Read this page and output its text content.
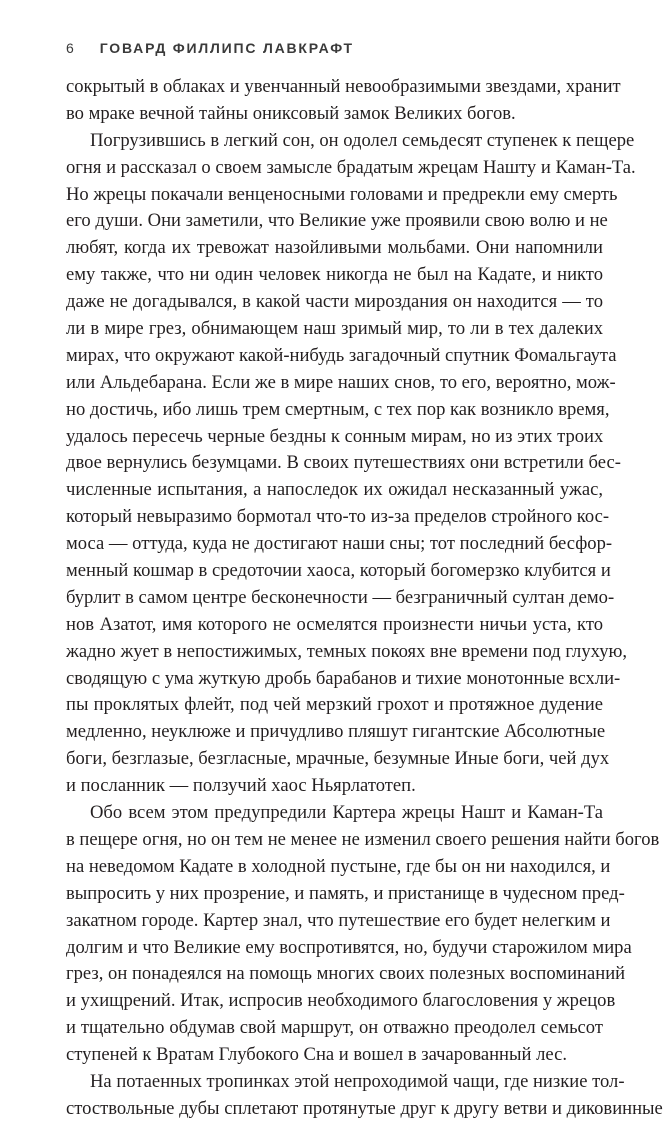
6 ГОВАРД ФИЛЛИПС ЛАВКРАФТ
сокрытый в облаках и увенчанный невообразимыми звездами, хранит
во мраке вечной тайны ониксовый замок Великих богов.
Погрузившись в легкий сон, он одолел семьдесят ступенек к пещере
огня и рассказал о своем замысле брадатым жрецам Нашту и Каман-Та.
Но жрецы покачали венценосными головами и предрекли ему смерть
его души. Они заметили, что Великие уже проявили свою волю и не
любят, когда их тревожат назойливыми мольбами. Они напомнили
ему также, что ни один человек никогда не был на Кадате, и никто
даже не догадывался, в какой части мироздания он находится — то
ли в мире грез, обнимающем наш зримый мир, то ли в тех далеких
мирах, что окружают какой-нибудь загадочный спутник Фомальгаута
или Альдебарана. Если же в мире наших снов, то его, вероятно, мож-
но достичь, ибо лишь трем смертным, с тех пор как возникло время,
удалось пересечь черные бездны к сонным мирам, но из этих троих
двое вернулись безумцами. В своих путешествиях они встретили бес-
численные испытания, а напоследок их ожидал несказанный ужас,
который невыразимо бормотал что-то из-за пределов стройного кос-
моса — оттуда, куда не достигают наши сны; тот последний бесфор-
менный кошмар в средоточии хаоса, который богомерзко клубится и
бурлит в самом центре бесконечности — безграничный султан демо-
нов Азатот, имя которого не осмелятся произнести ничьи уста, кто
жадно жует в непостижимых, темных покоях вне времени под глухую,
сводящую с ума жуткую дробь барабанов и тихие монотонные всхли-
пы проклятых флейт, под чей мерзкий грохот и протяжное дудение
медленно, неуклюже и причудливо пляшут гигантские Абсолютные
боги, безглазые, безгласные, мрачные, безумные Иные боги, чей дух
и посланник — ползучий хаос Ньярлатотеп.
Обо всем этом предупредили Картера жрецы Нашт и Каман-Та
в пещере огня, но он тем не менее не изменил своего решения найти богов
на неведомом Кадате в холодной пустыне, где бы он ни находился, и
выпросить у них прозрение, и память, и пристанище в чудесном пред-
закатном городе. Картер знал, что путешествие его будет нелегким и
долгим и что Великие ему воспротивятся, но, будучи старожилом мира
грез, он понадеялся на помощь многих своих полезных воспоминаний
и ухищрений. Итак, испросив необходимого благословения у жрецов
и тщательно обдумав свой маршрут, он отважно преодолел семьсот
ступеней к Вратам Глубокого Сна и вошел в зачарованный лес.
На потаенных тропинках этой непроходимой чащи, где низкие тол-
стоствольные дубы сплетают протянутые друг к другу ветви и диковинные
